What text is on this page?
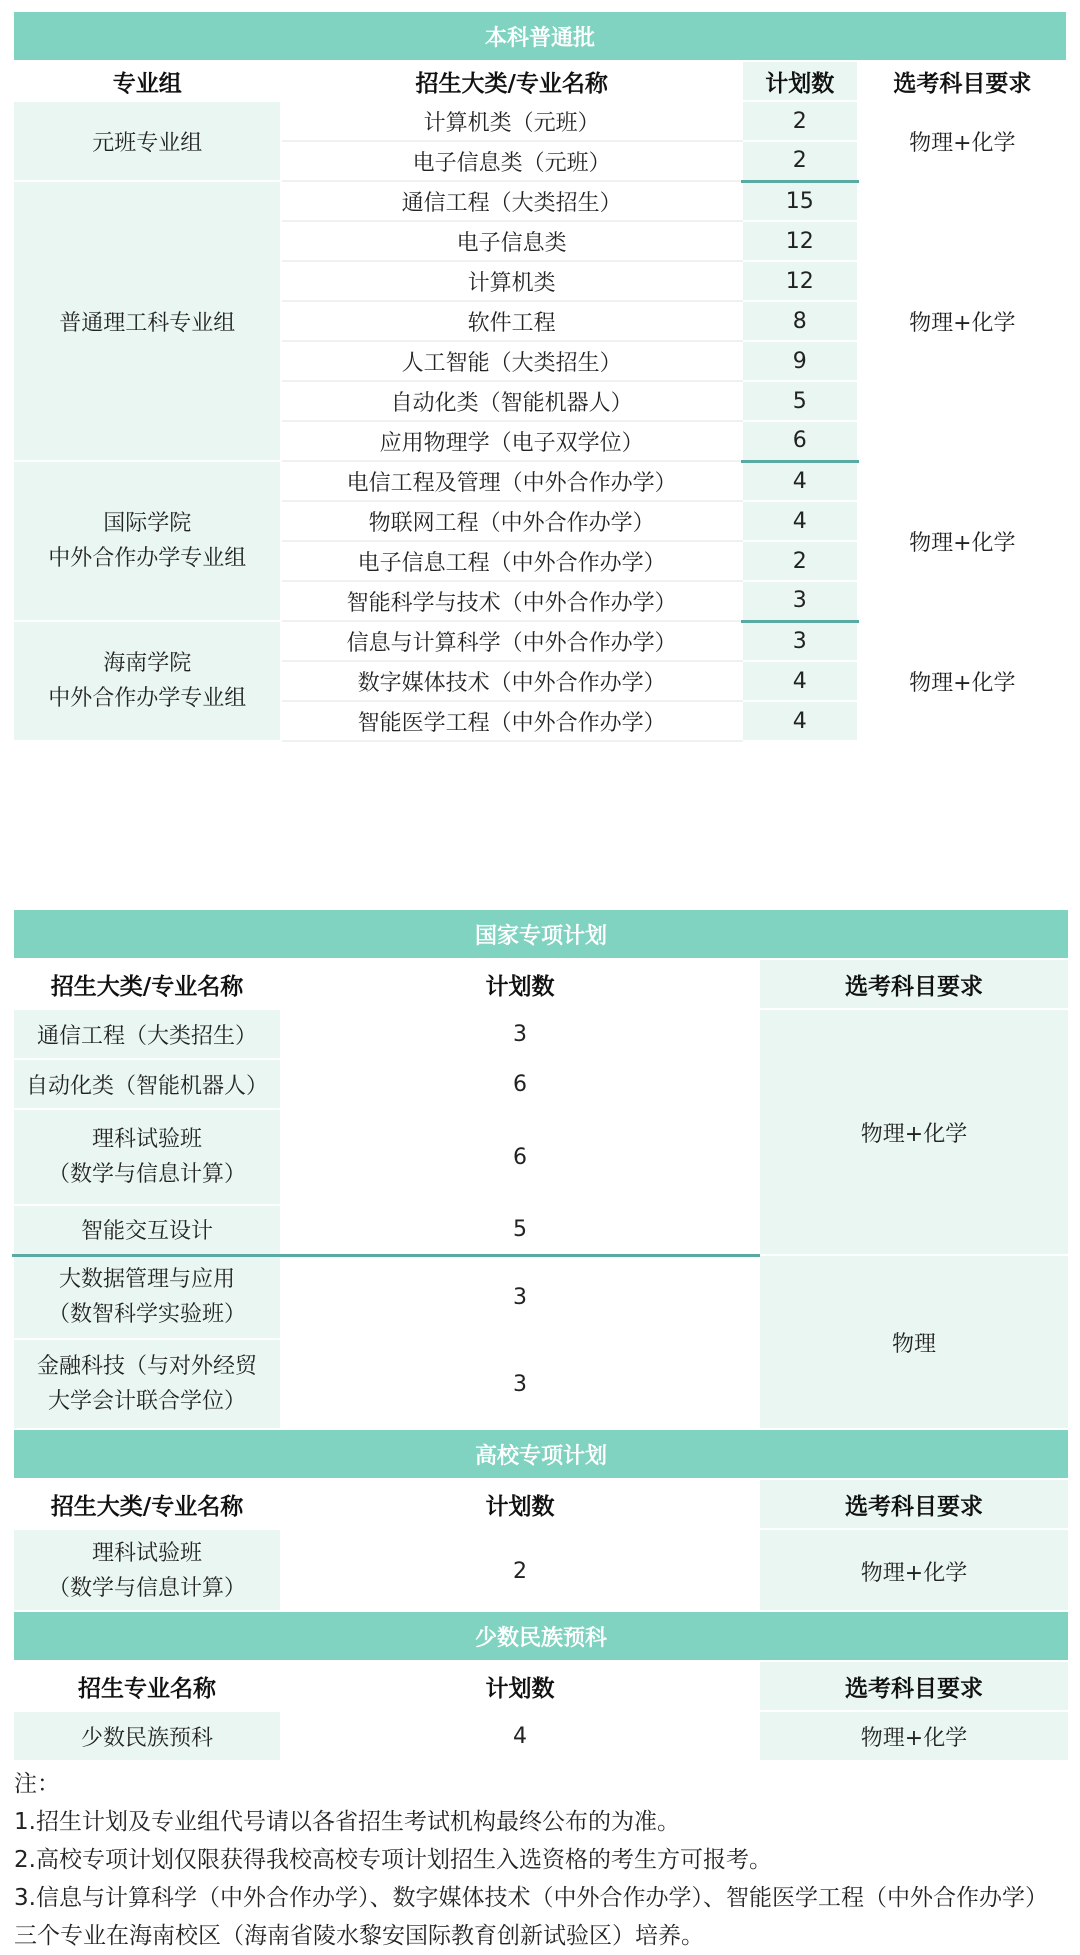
本科普通批			
专业组	招生大类/专业名称	计划数	选考科目要求
元班专业组	计算机类（元班）	2	物理+化学
	电子信息类（元班）	2	
普通理工科专业组	通信工程（大类招生）	15	物理+化学
	电子信息类	12	
	计算机类	12	
	软件工程	8	
	人工智能（大类招生）	9	
	自动化类（智能机器人）	5	
	应用物理学（电子双学位）	6	

国际学院
中外合作办学专业组	电信工程及管理（中外合作办学）	4	物理+化学
	物联网工程（中外合作办学）	4	
	电子信息工程（中外合作办学）	2	
	智能科学与技术（中外合作办学）	3	

海南学院
中外合作办学专业组	信息与计算科学（中外合作办学）	3	物理+化学
	数字媒体技术（中外合作办学）	4	
	智能医学工程（中外合作办学）	4	
国家专项计划		
招生大类/专业名称	计划数	选考科目要求
通信工程（大类招生）	3	物理+化学
自动化类（智能机器人）	6	

理科试验班
（数学与信息计算）	6	
智能交互设计	5	

大数据管理与应用
（数智科学实验班）	3	物理

金融科技（与对外经贸
大学会计联合学位）	3	
高校专项计划		
招生大类/专业名称	计划数	选考科目要求

理科试验班
（数学与信息计算）	2	物理+化学
少数民族预科		
招生专业名称	计划数	选考科目要求
少数民族预科	4	物理+化学
注：
1.招生计划及专业组代号请以各省招生考试机构最终公布的为准。
2.高校专项计划仅限获得我校高校专项计划招生入选资格的考生方可报考。
3.信息与计算科学（中外合作办学）、数字媒体技术（中外合作办学）、智能医学工程（中外合作办学）三个专业在海南校区（海南省陵水黎安国际教育创新试验区）培养。
